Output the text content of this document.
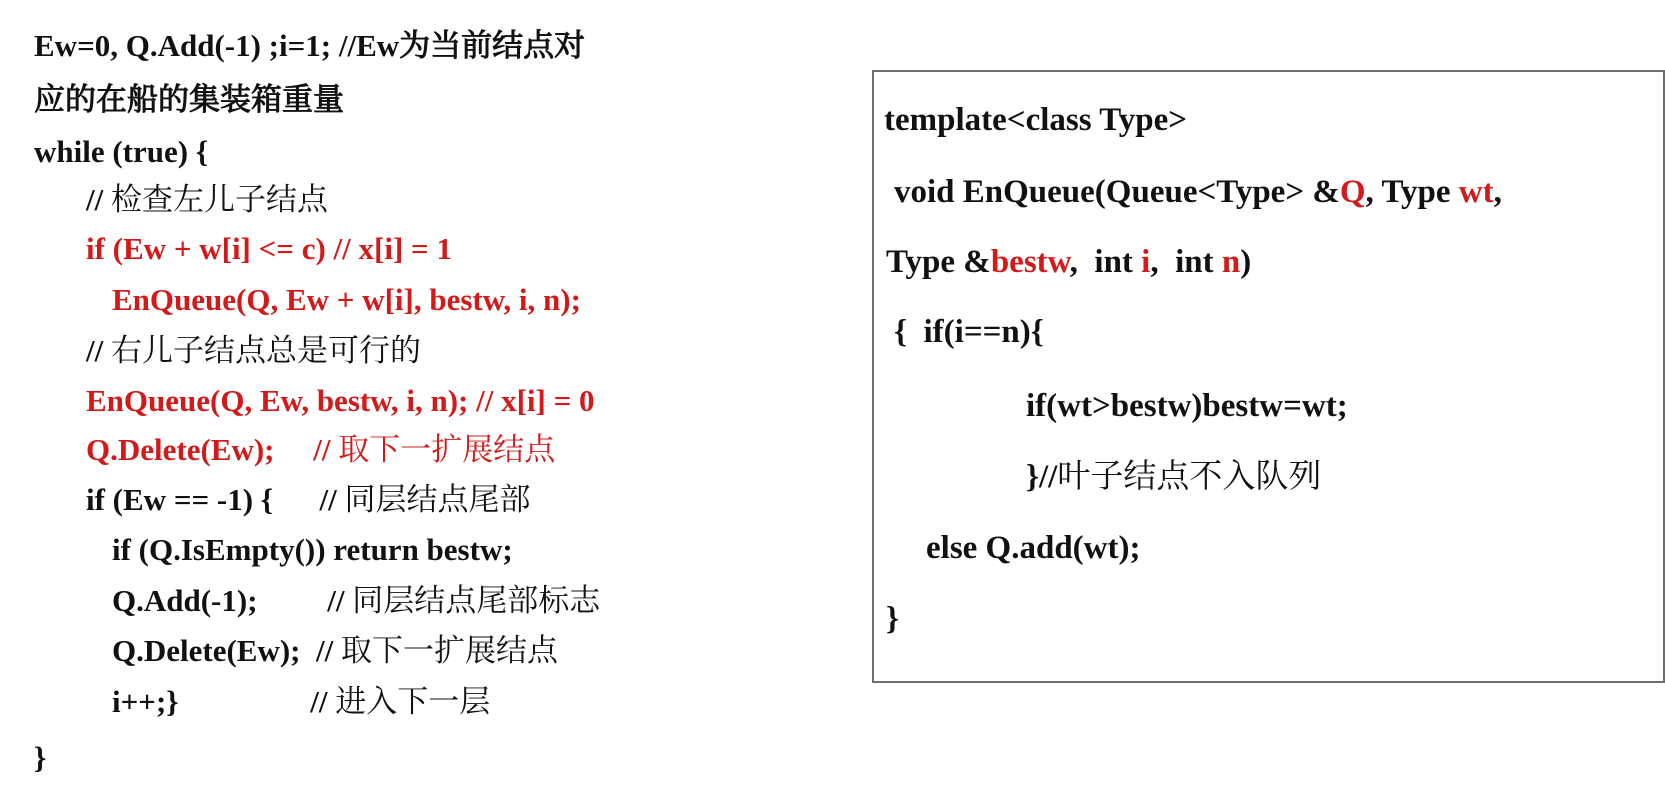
Ew=0, Q.Add(-1) ;i=1; //Ew为当前结点对
应的在船的集装箱重量
while (true) {
// 检查左儿子结点
if (Ew + w[i] <= c) // x[i] = 1
EnQueue(Q, Ew + w[i], bestw, i, n);
// 右儿子结点总是可行的
EnQueue(Q, Ew, bestw, i, n); // x[i] = 0
Q.Delete(Ew);     // 取下一扩展结点
if (Ew == -1) {      // 同层结点尾部
if (Q.IsEmpty()) return bestw;
Q.Add(-1);         // 同层结点尾部标志
Q.Delete(Ew);  // 取下一扩展结点
i++;}                 // 进入下一层
}
template<class Type>
void EnQueue(Queue<Type> &Q, Type wt,
Type &bestw,  int i,  int n)
{  if(i==n){
if(wt>bestw)bestw=wt;
}//叶子结点不入队列
else Q.add(wt);
}
